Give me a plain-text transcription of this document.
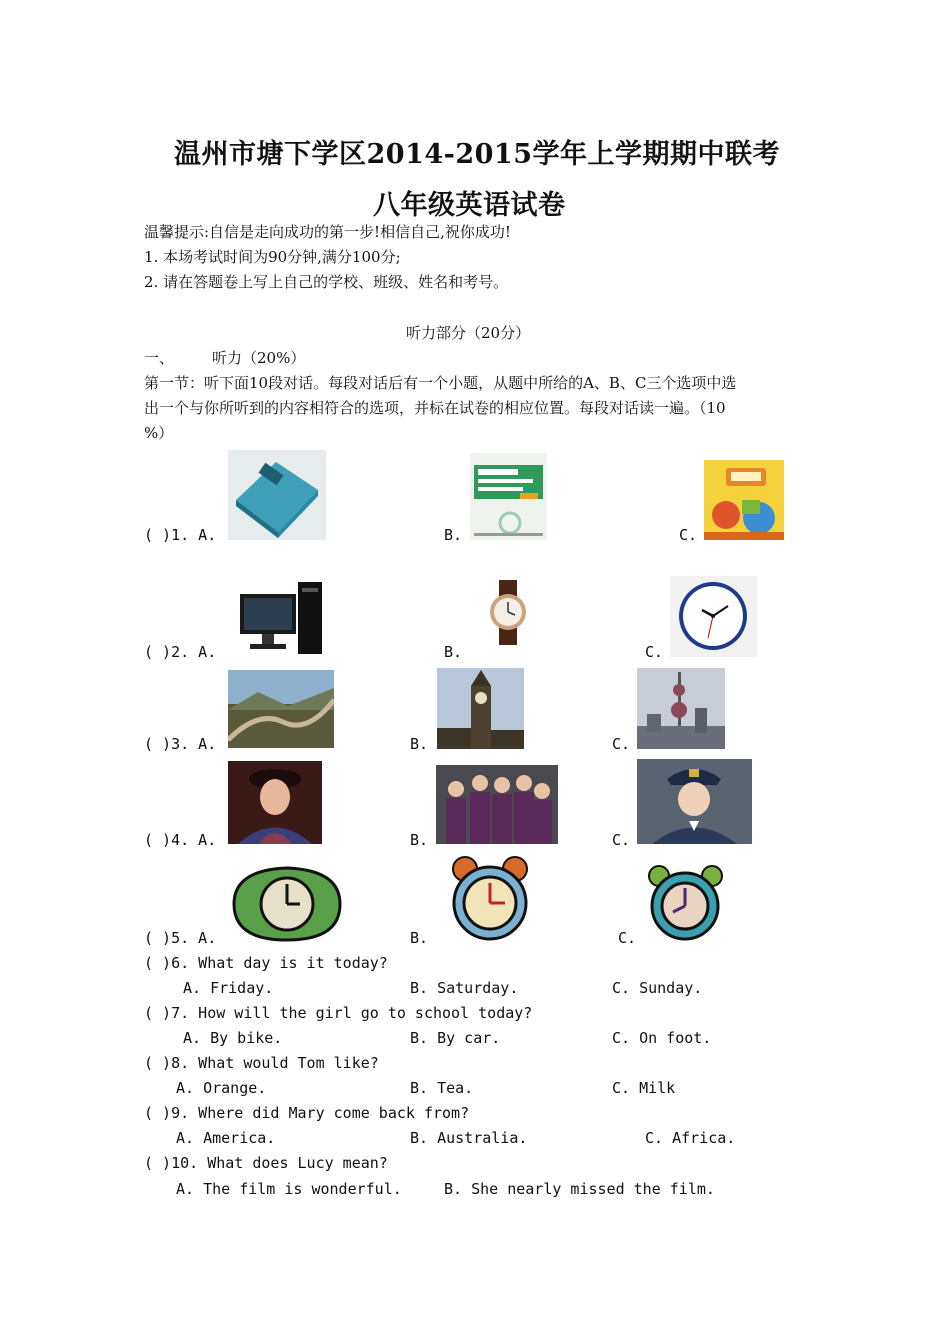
温州市塘下学区2014-2015学年上学期期中联考
八年级英语试卷
温馨提示:自信是走向成功的第一步!相信自己,祝你成功!
1. 本场考试时间为90分钟,满分100分;
2. 请在答题卷上写上自己的学校、班级、姓名和考号。
听力部分（20分）
一、	听力（20%）
第一节：听下面10段对话。每段对话后有一个小题，从题中所给的A、B、C三个选项中选
出一个与你所听到的内容相符合的选项，并标在试卷的相应位置。每段对话读一遍。（10
%）
( )1. A.	B.	C.
( )2. A.	B.	C.
( )3. A.	B.	C.
( )4. A.	B.	C.
( )5. A.	B.	C.
( )6. What day is it today?
A. Friday.	B. Saturday.	C. Sunday.
( )7. How will the girl go to school today?
A. By bike.	B. By car.	C. On foot.
( )8. What would Tom like?
A. Orange.	B. Tea.	C. Milk
( )9. Where did Mary come back from?
A. America.	B. Australia.	C. Africa.
( )10. What does Lucy mean?
A. The film is wonderful.	B. She nearly missed the film.
